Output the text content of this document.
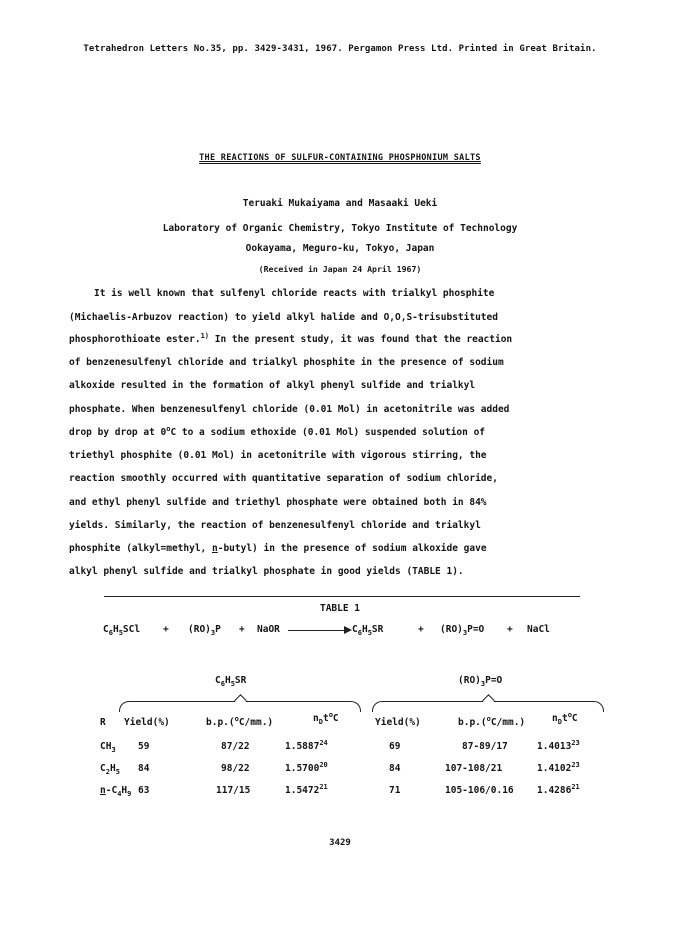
Tetrahedron Letters No.35, pp. 3429-3431, 1967. Pergamon Press Ltd. Printed in Great Britain.
THE REACTIONS OF SULFUR-CONTAINING PHOSPHONIUM SALTS
Teruaki Mukaiyama and Masaaki Ueki
Laboratory of Organic Chemistry, Tokyo Institute of Technology
Ookayama, Meguro-ku, Tokyo, Japan
(Received in Japan 24 April 1967)
It is well known that sulfenyl chloride reacts with trialkyl phosphite
(Michaelis-Arbuzov reaction) to yield alkyl halide and O,O,S-trisubstituted
phosphorothioate ester.$^{1)}$ In the present study, it was found that the reaction
of benzenesulfenyl chloride and trialkyl phosphite in the presence of sodium
alkoxide resulted in the formation of alkyl phenyl sulfide and trialkyl
phosphate. When benzenesulfenyl chloride (0.01 Mol) in acetonitrile was added
drop by drop at 0$^o$C to a sodium ethoxide (0.01 Mol) suspended solution of
triethyl phosphite (0.01 Mol) in acetonitrile with vigorous stirring, the
reaction smoothly occurred with quantitative separation of sodium chloride,
and ethyl phenyl sulfide and triethyl phosphate were obtained both in 84%
yields. Similarly, the reaction of benzenesulfenyl chloride and trialkyl
phosphite (alkyl=methyl, n-butyl) in the presence of sodium alkoxide gave
alkyl phenyl sulfide and trialkyl phosphate in good yields (TABLE 1).
TABLE 1
$C_6H_5SCl + (RO)_3P$ + NaOR → $C_6H_5SR$	+ $(RO)_3P=O$ + NaCl
$C_6H_5SR$	$(RO)_3P=O$
R Yield(%)	b.p.($^o$C/mm.)	$n_Dt^oC$	Yield(%)	b.p.($^o$C/mm.)	$n_Dt^oC$
$CH_3$ 59	87/22	1.5887$^{24}$	69	87-89/17	1.4013$^{23}$
$C_2H_5$ 84	98/22	1.5700$^{20}$	84	107-108/21	1.4102$^{23}$
$n-C_4H_9$ 63	117/15	1.5472$^{21}$	71	105-106/0.16 1.4286$^{21}$
3429
